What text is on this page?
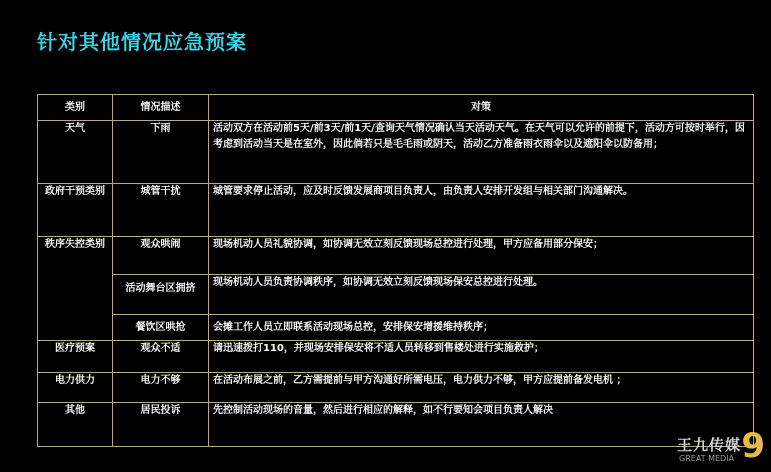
针对其他情况应急预案
类别	情况描述	对策
天气	下雨	活动双方在活动前5天/前3天/前1天/查询天气情况确认当天活动天气。在天气可以允许的前提下，活动方可按时举行，因考虑到活动当天是在室外，因此倘若只是毛毛雨或阴天，活动乙方准备雨衣雨伞以及遮阳伞以防备用；
政府干预类别	城管干扰	城管要求停止活动，应及时反馈发展商项目负责人，由负责人安排开发组与相关部门沟通解决。
秩序失控类别	观众哄闹	现场机动人员礼貌协调，如协调无效立刻反馈现场总控进行处理，甲方应备用部分保安；
	活动舞台区拥挤	现场机动人员负责协调秩序，如协调无效立刻反馈现场保安总控进行处理。
	餐饮区哄抢	会摊工作人员立即联系活动现场总控，安排保安增援维持秩序；
医疗预案	观众不适	请迅速拨打110，并现场安排保安将不适人员转移到售楼处进行实施救护；
电力供力	电力不够	在活动布展之前，乙方需提前与甲方沟通好所需电压，电力供力不够，甲方应提前备发电机 ；
其他	居民投诉	先控制活动现场的音量，然后进行相应的解释，如不行要知会项目负责人解决
王九传媒
GREAT MEDIA 9
